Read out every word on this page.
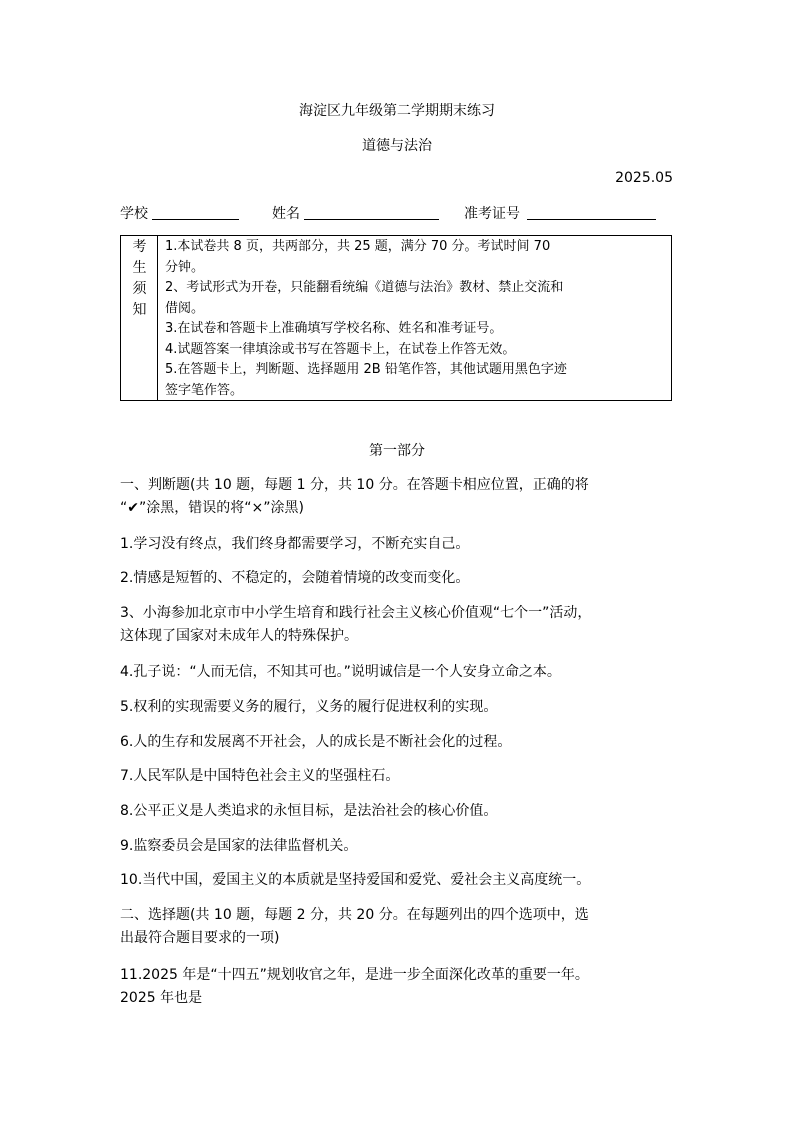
海淀区九年级第二学期期末练习
道德与法治
2025.05
学校	姓名	准考证号
考
生
须
知
1.本试卷共 8 页，共两部分，共 25 题，满分 70 分。考试时间 70
分钟。
2、考试形式为开卷，只能翻看统编《道德与法治》教材、禁止交流和
借阅。
3.在试卷和答题卡上准确填写学校名称、姓名和准考证号。
4.试题答案一律填涂或书写在答题卡上，在试卷上作答无效。
5.在答题卡上，判断题、选择题用 2B 铅笔作答，其他试题用黑色字迹
签字笔作答。
第一部分
一、判断题(共 10 题，每题 1 分，共 10 分。在答题卡相应位置，正确的将
“✔”涂黑，错误的将“×”涂黑)
1.学习没有终点，我们终身都需要学习，不断充实自己。
2.情感是短暂的、不稳定的，会随着情境的改变而变化。
3、小海参加北京市中小学生培育和践行社会主义核心价值观“七个一”活动，
这体现了国家对未成年人的特殊保护。
4.孔子说：“人而无信，不知其可也。”说明诚信是一个人安身立命之本。
5.权利的实现需要义务的履行，义务的履行促进权利的实现。
6.人的生存和发展离不开社会，人的成长是不断社会化的过程。
7.人民军队是中国特色社会主义的坚强柱石。
8.公平正义是人类追求的永恒目标，是法治社会的核心价值。
9.监察委员会是国家的法律监督机关。
10.当代中国，爱国主义的本质就是坚持爱国和爱党、爱社会主义高度统一。
二、选择题(共 10 题，每题 2 分，共 20 分。在每题列出的四个选项中，选
出最符合题目要求的一项)
11.2025 年是“十四五”规划收官之年，是进一步全面深化改革的重要一年。
2025 年也是
